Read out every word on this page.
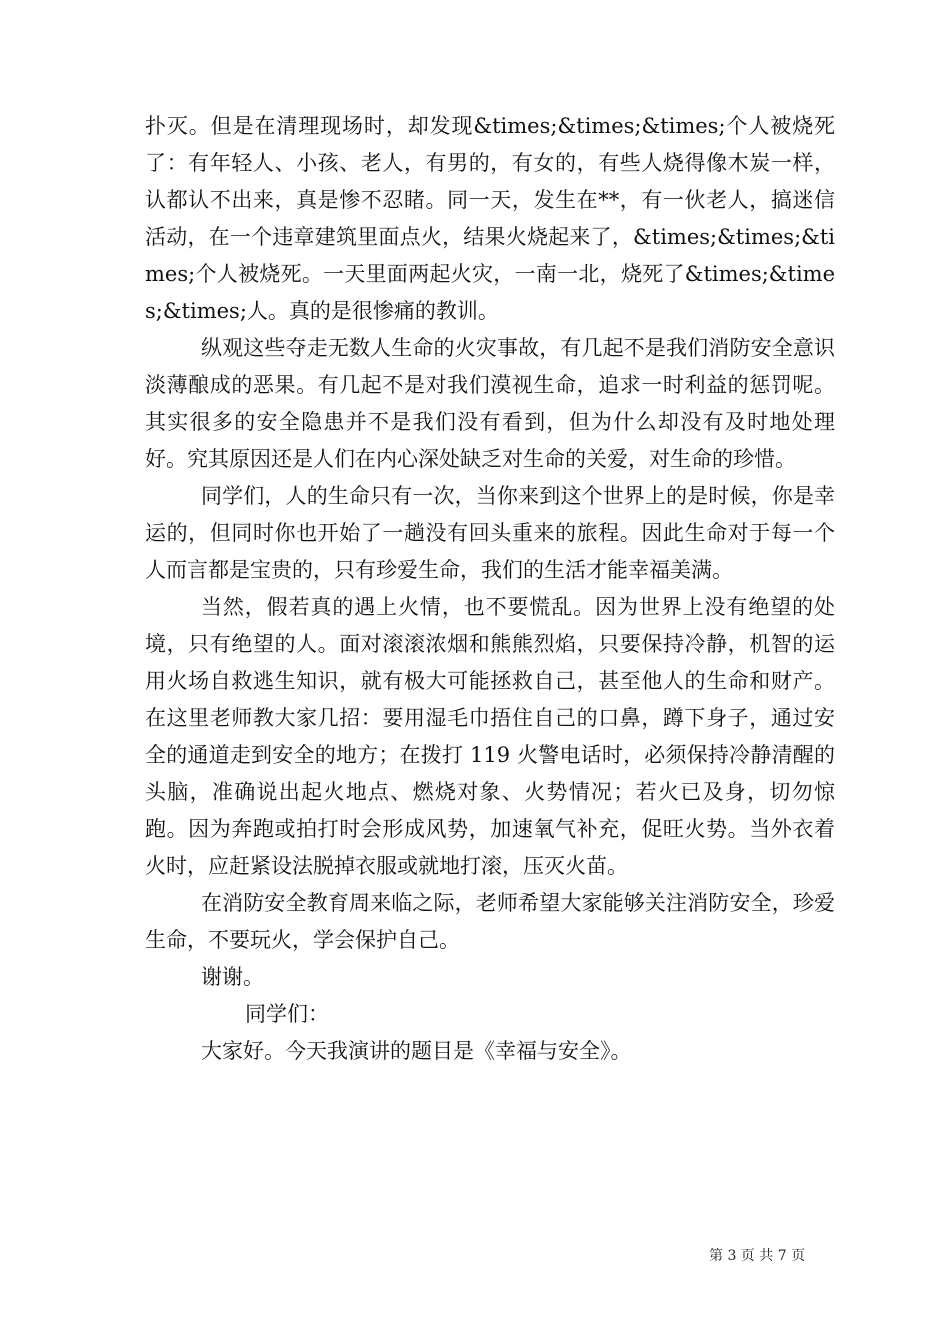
扑灭。但是在清理现场时，却发现&times;&times;&times;个人被烧死了：有年轻人、小孩、老人，有男的，有女的，有些人烧得像木炭一样，认都认不出来，真是惨不忍睹。同一天，发生在**，有一伙老人，搞迷信活动，在一个违章建筑里面点火，结果火烧起来了，&times;&times;&times;个人被烧死。一天里面两起火灾，一南一北，烧死了&times;&times;&times;人。真的是很惨痛的教训。

纵观这些夺走无数人生命的火灾事故，有几起不是我们消防安全意识淡薄酿成的恶果。有几起不是对我们漠视生命，追求一时利益的惩罚呢。其实很多的安全隐患并不是我们没有看到，但为什么却没有及时地处理好。究其原因还是人们在内心深处缺乏对生命的关爱，对生命的珍惜。

同学们，人的生命只有一次，当你来到这个世界上的是时候，你是幸运的，但同时你也开始了一趟没有回头重来的旅程。因此生命对于每一个人而言都是宝贵的，只有珍爱生命，我们的生活才能幸福美满。

当然，假若真的遇上火情，也不要慌乱。因为世界上没有绝望的处境，只有绝望的人。面对滚滚浓烟和熊熊烈焰，只要保持冷静，机智的运用火场自救逃生知识，就有极大可能拯救自己，甚至他人的生命和财产。在这里老师教大家几招：要用湿毛巾捂住自己的口鼻，蹲下身子，通过安全的通道走到安全的地方；在拨打 119 火警电话时，必须保持冷静清醒的头脑，准确说出起火地点、燃烧对象、火势情况；若火已及身，切勿惊跑。因为奔跑或拍打时会形成风势，加速氧气补充，促旺火势。当外衣着火时，应赶紧设法脱掉衣服或就地打滚，压灭火苗。

在消防安全教育周来临之际，老师希望大家能够关注消防安全，珍爱生命，不要玩火，学会保护自己。

谢谢。

同学们：

大家好。今天我演讲的题目是《幸福与安全》。

第 3 页 共 7 页
